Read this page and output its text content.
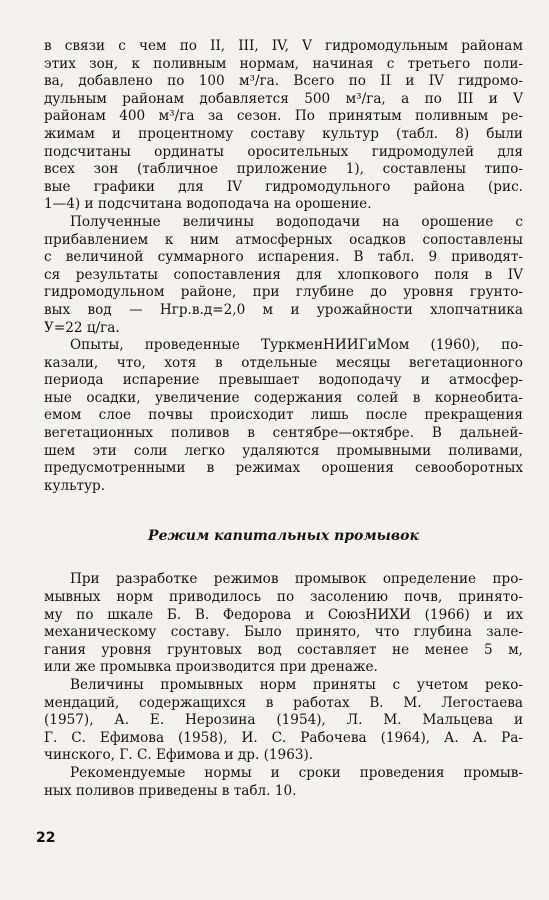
в связи с чем по II, III, IV, V гидромодульным районам
этих зон, к поливным нормам, начиная с третьего поли-
ва, добавлено по 100 м³/га. Всего по II и IV гидромо-
дульным районам добавляется 500 м³/га, а по III и V
районам 400 м³/га за сезон. По принятым поливным ре-
жимам и процентному составу культур (табл. 8) были
подсчитаны ординаты оросительных гидромодулей для
всех зон (табличное приложение 1), составлены типо-
вые графики для IV гидромодульного района (рис.
1—4) и подсчитана водоподача на орошение.

Полученные величины водоподачи на орошение с
прибавлением к ним атмосферных осадков сопоставлены
с величиной суммарного испарения. В табл. 9 приводят-
ся результаты сопоставления для хлопкового поля в IV
гидромодульном районе, при глубине до уровня грунто-
вых вод — Hгр.в.д=2,0 м и урожайности хлопчатника
У=22 ц/га.

Опыты, проведенные ТуркменНИИГиМом (1960), по-
казали, что, хотя в отдельные месяцы вегетационного
периода испарение превышает водоподачу и атмосфер-
ные осадки, увеличение содержания солей в корнеобита-
емом слое почвы происходит лишь после прекращения
вегетационных поливов в сентябре—октябре. В дальней-
шем эти соли легко удаляются промывными поливами,
предусмотренными в режимах орошения севооборотных
культур.

Режим капитальных промывок

При разработке режимов промывок определение про-
мывных норм приводилось по засолению почв, принято-
му по шкале Б. В. Федорова и СоюзНИХИ (1966) и их
механическому составу. Было принято, что глубина зале-
гания уровня грунтовых вод составляет не менее 5 м,
или же промывка производится при дренаже.

Величины промывных норм приняты с учетом реко-
мендаций, содержащихся в работах В. М. Легостаева
(1957), А. Е. Нерозина (1954), Л. М. Мальцева и
Г. С. Ефимова (1958), И. С. Рабочева (1964), А. А. Ра-
чинского, Г. С. Ефимова и др. (1963).

Рекомендуемые нормы и сроки проведения промыв-
ных поливов приведены в табл. 10.

22
